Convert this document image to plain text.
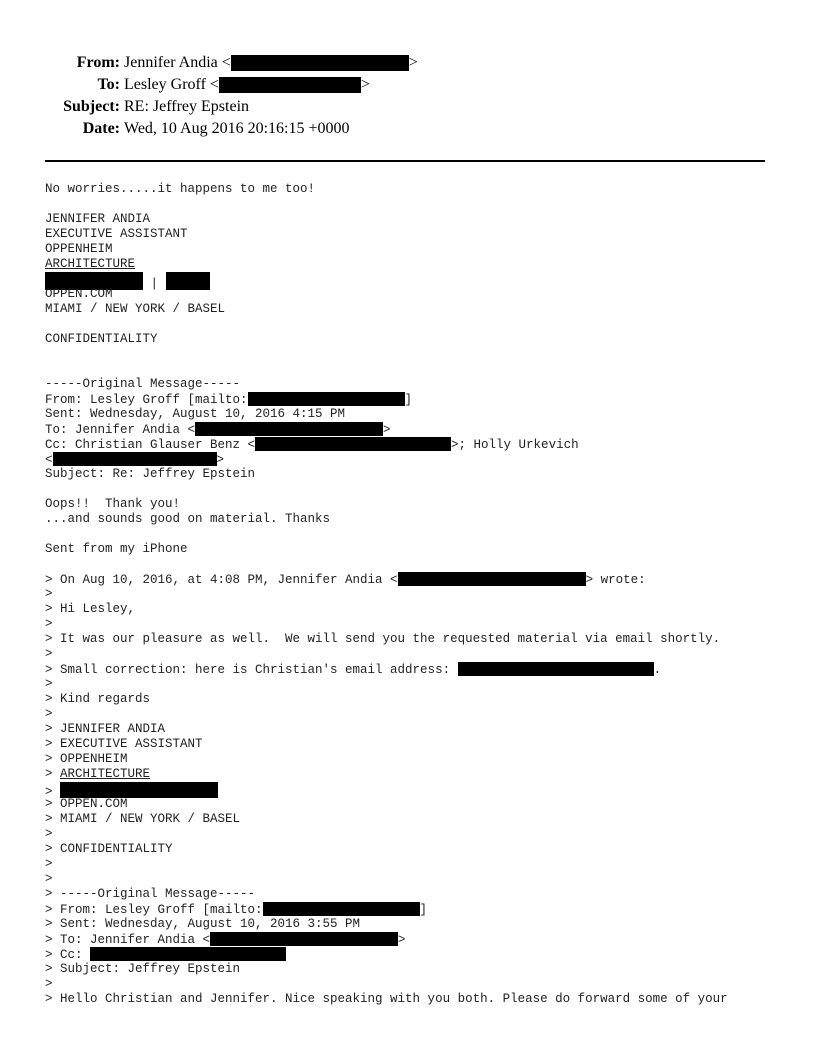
From: Jennifer Andia <	>
To: Lesley Groff <	>
Subject: RE: Jeffrey Epstein
Date: Wed, 10 Aug 2016 20:16:15 +0000
No worries.....it happens to me too!
JENNIFER ANDIA
EXECUTIVE ASSISTANT
OPPENHEIM
ARCHITECTURE
|
OPPEN.COM
MIAMI / NEW YORK / BASEL
CONFIDENTIALITY
-----Original Message-----
From: Lesley Groff [mailto:	]
Sent: Wednesday, August 10, 2016 4:15 PM
To: Jennifer Andia <	>
Cc: Christian Glauser Benz <	>; Holly Urkevich
<	>
Subject: Re: Jeffrey Epstein
Oops!!  Thank you!
...and sounds good on material. Thanks
Sent from my iPhone
> On Aug 10, 2016, at 4:08 PM, Jennifer Andia <	> wrote:
>
> Hi Lesley,
>
> It was our pleasure as well.  We will send you the requested material via email shortly.
>
> Small correction: here is Christian's email address:	.
>
> Kind regards
>
> JENNIFER ANDIA
> EXECUTIVE ASSISTANT
> OPPENHEIM
> ARCHITECTURE
>
> OPPEN.COM
> MIAMI / NEW YORK / BASEL
>
> CONFIDENTIALITY
>
>
> -----Original Message-----
> From: Lesley Groff [mailto:	]
> Sent: Wednesday, August 10, 2016 3:55 PM
> To: Jennifer Andia <	>
> Cc:
> Subject: Jeffrey Epstein
>
> Hello Christian and Jennifer. Nice speaking with you both. Please do forward some of your
